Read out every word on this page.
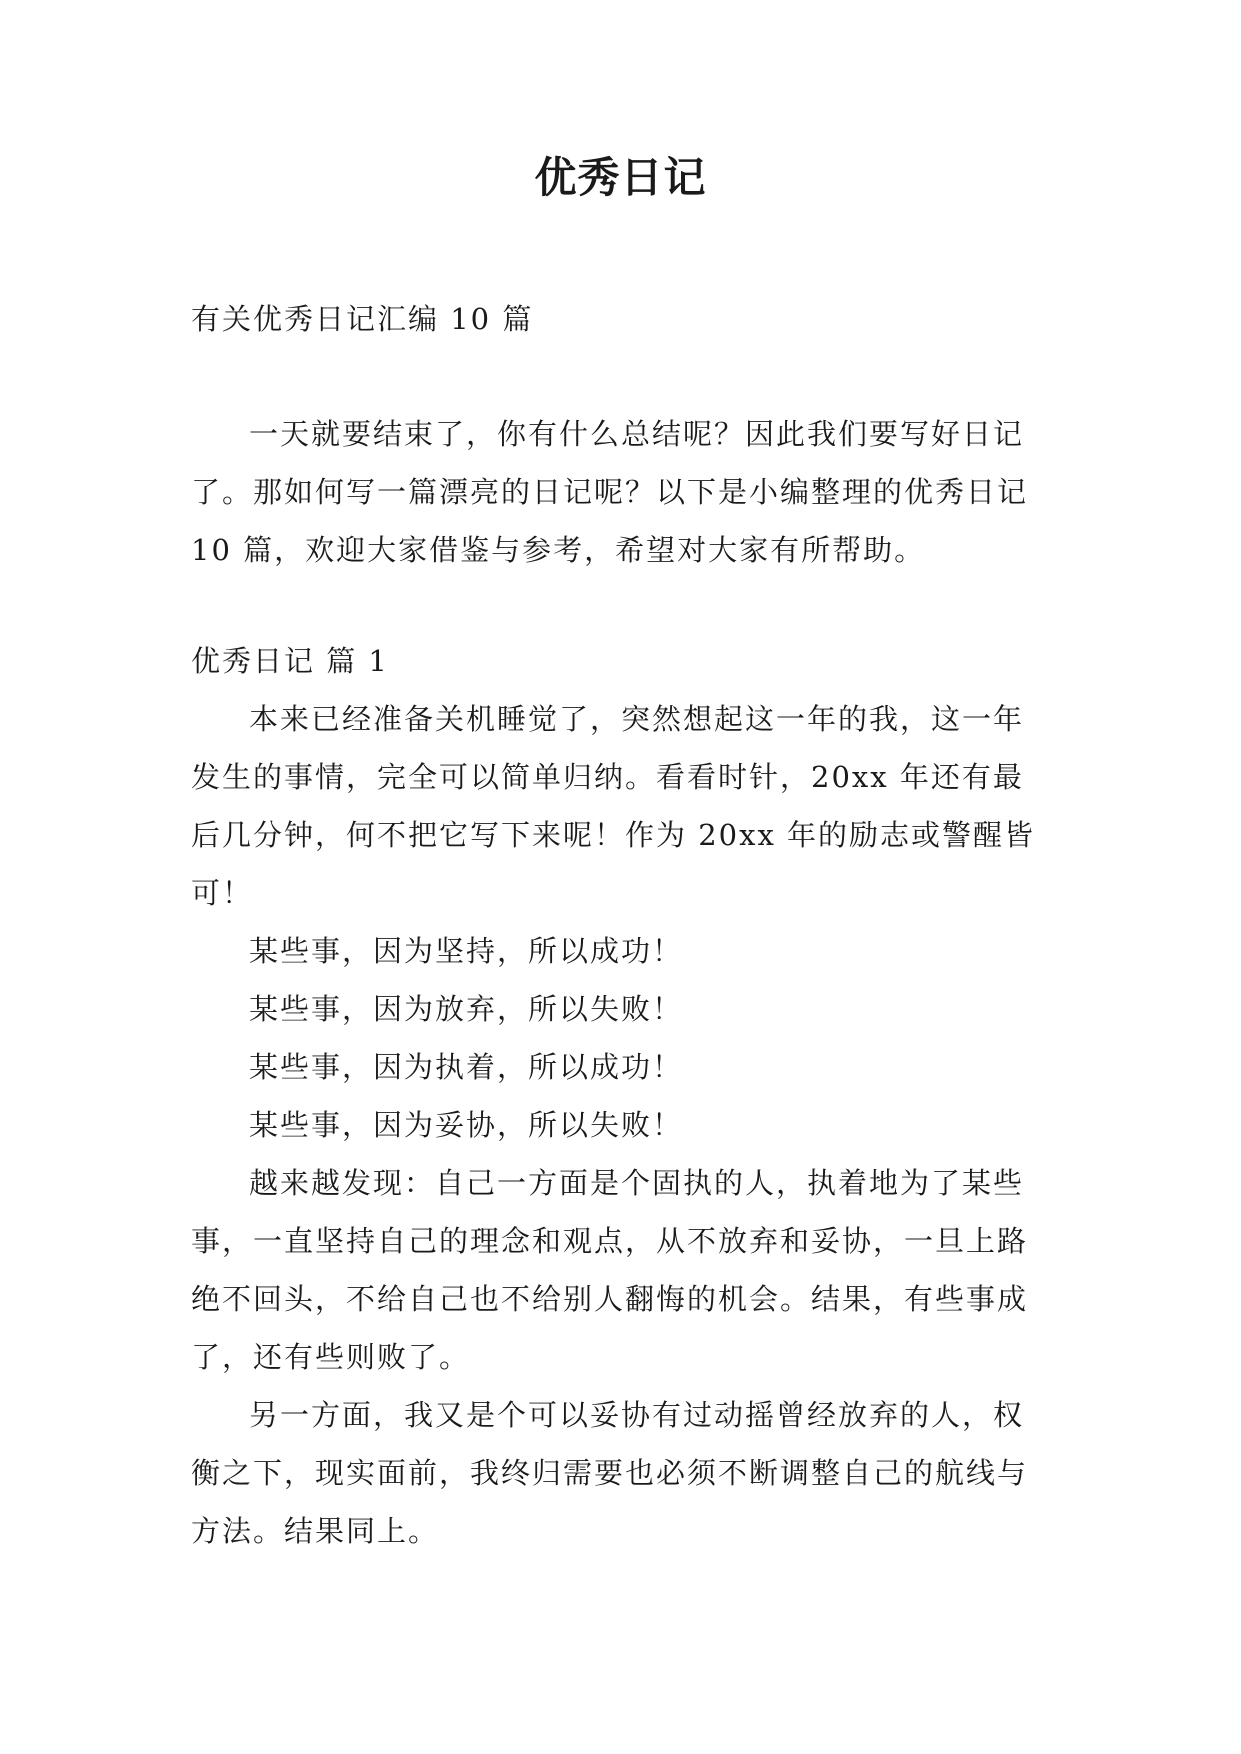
优秀日记
有关优秀日记汇编 10 篇

一天就要结束了，你有什么总结呢？因此我们要写好日记了。那如何写一篇漂亮的日记呢？以下是小编整理的优秀日记 10 篇，欢迎大家借鉴与参考，希望对大家有所帮助。

优秀日记 篇 1

本来已经准备关机睡觉了，突然想起这一年的我，这一年发生的事情，完全可以简单归纳。看看时针，20xx 年还有最后几分钟，何不把它写下来呢！作为 20xx 年的励志或警醒皆可！

某些事，因为坚持，所以成功！

某些事，因为放弃，所以失败！

某些事，因为执着，所以成功！

某些事，因为妥协，所以失败！

越来越发现：自己一方面是个固执的人，执着地为了某些事，一直坚持自己的理念和观点，从不放弃和妥协，一旦上路绝不回头，不给自己也不给别人翻悔的机会。结果，有些事成了，还有些则败了。

另一方面，我又是个可以妥协有过动摇曾经放弃的人，权衡之下，现实面前，我终归需要也必须不断调整自己的航线与方法。结果同上。
